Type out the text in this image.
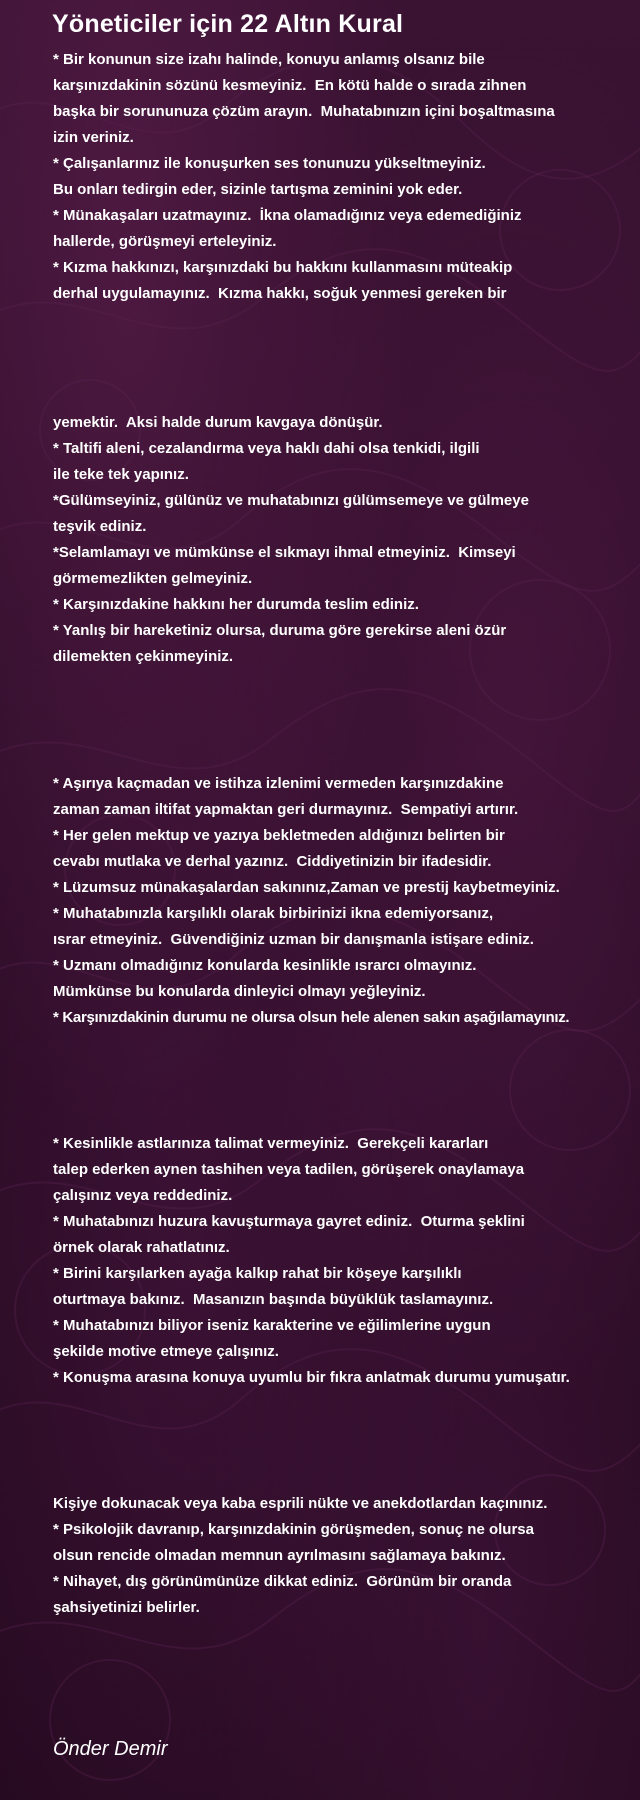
Yöneticiler için 22 Altın Kural
* Bir konunun size izahı halinde, konuyu anlamış olsanız bile
karşınızdakinin sözünü kesmeyiniz.  En kötü halde o sırada zihnen
başka bir sorununuza çözüm arayın.  Muhatabınızın içini boşaltmasına
izin veriniz.
* Çalışanlarınız ile konuşurken ses tonunuzu yükseltmeyiniz.
Bu onları tedirgin eder, sizinle tartışma zeminini yok eder.
* Münakaşaları uzatmayınız.  İkna olamadığınız veya edemediğiniz
hallerde, görüşmeyi erteleyiniz.
* Kızma hakkınızı, karşınızdaki bu hakkını kullanmasını müteakip
derhal uygulamayınız.  Kızma hakkı, soğuk yenmesi gereken bir
yemektir.  Aksi halde durum kavgaya dönüşür.
* Taltifi aleni, cezalandırma veya haklı dahi olsa tenkidi, ilgili
ile teke tek yapınız.
*Gülümseyiniz, gülünüz ve muhatabınızı gülümsemeye ve gülmeye
teşvik ediniz.
*Selamlamayı ve mümkünse el sıkmayı ihmal etmeyiniz.  Kimseyi
görmemezlikten gelmeyiniz.
* Karşınızdakine hakkını her durumda teslim ediniz.
* Yanlış bir hareketiniz olursa, duruma göre gerekirse aleni özür
dilemekten çekinmeyiniz.
* Aşırıya kaçmadan ve istihza izlenimi vermeden karşınızdakine
zaman zaman iltifat yapmaktan geri durmayınız.  Sempatiyi artırır.
* Her gelen mektup ve yazıya bekletmeden aldığınızı belirten bir
cevabı mutlaka ve derhal yazınız.  Ciddiyetinizin bir ifadesidir.
* Lüzumsuz münakaşalardan sakınınız,Zaman ve prestij kaybetmeyiniz.
* Muhatabınızla karşılıklı olarak birbirinizi ikna edemiyorsanız,
ısrar etmeyiniz.  Güvendiğiniz uzman bir danışmanla istişare ediniz.
* Uzmanı olmadığınız konularda kesinlikle ısrarcı olmayınız.
Mümkünse bu konularda dinleyici olmayı yeğleyiniz.
* Karşınızdakinin durumu ne olursa olsun hele alenen sakın aşağılamayınız.
* Kesinlikle astlarınıza talimat vermeyiniz.  Gerekçeli kararları
talep ederken aynen tashihen veya tadilen, görüşerek onaylamaya
çalışınız veya reddediniz.
* Muhatabınızı huzura kavuşturmaya gayret ediniz.  Oturma şeklini
örnek olarak rahatlatınız.
* Birini karşılarken ayağa kalkıp rahat bir köşeye karşılıklı
oturtmaya bakınız.  Masanızın başında büyüklük taslamayınız.
* Muhatabınızı biliyor iseniz karakterine ve eğilimlerine uygun
şekilde motive etmeye çalışınız.
* Konuşma arasına konuya uyumlu bir fıkra anlatmak durumu yumuşatır.
Kişiye dokunacak veya kaba esprili nükte ve anekdotlardan kaçınınız.
* Psikolojik davranıp, karşınızdakinin görüşmeden, sonuç ne olursa
olsun rencide olmadan memnun ayrılmasını sağlamaya bakınız.
* Nihayet, dış görünümünüze dikkat ediniz.  Görünüm bir oranda
şahsiyetinizi belirler.
Önder Demir
